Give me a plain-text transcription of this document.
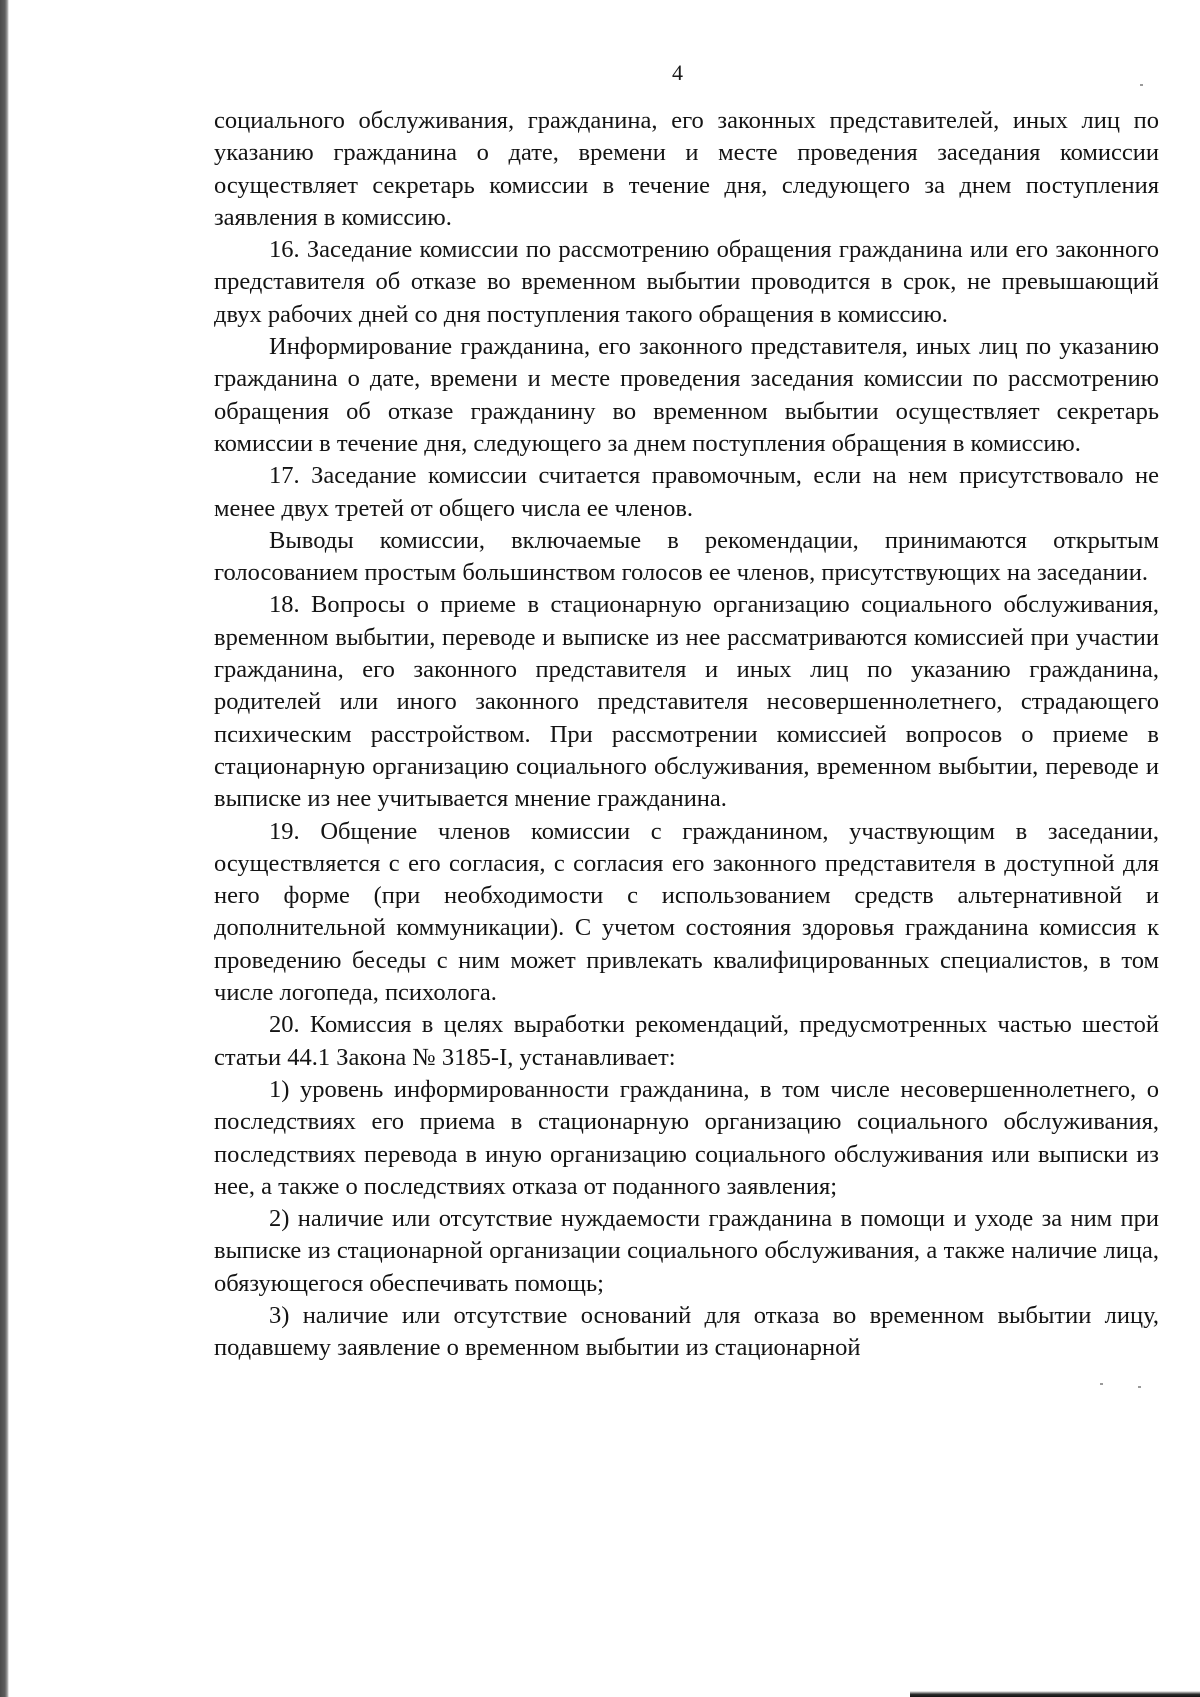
4

социального обслуживания, гражданина, его законных представителей, иных лиц по указанию гражданина о дате, времени и месте проведения заседания комиссии осуществляет секретарь комиссии в течение дня, следующего за днем поступления заявления в комиссию.

16. Заседание комиссии по рассмотрению обращения гражданина или его законного представителя об отказе во временном выбытии проводится в срок, не превышающий двух рабочих дней со дня поступления такого обращения в комиссию.

Информирование гражданина, его законного представителя, иных лиц по указанию гражданина о дате, времени и месте проведения заседания комиссии по рассмотрению обращения об отказе гражданину во временном выбытии осуществляет секретарь комиссии в течение дня, следующего за днем поступления обращения в комиссию.

17. Заседание комиссии считается правомочным, если на нем присутствовало не менее двух третей от общего числа ее членов.

Выводы комиссии, включаемые в рекомендации, принимаются открытым голосованием простым большинством голосов ее членов, присутствующих на заседании.

18. Вопросы о приеме в стационарную организацию социального обслуживания, временном выбытии, переводе и выписке из нее рассматриваются комиссией при участии гражданина, его законного представителя и иных лиц по указанию гражданина, родителей или иного законного представителя несовершеннолетнего, страдающего психическим расстройством. При рассмотрении комиссией вопросов о приеме в стационарную организацию социального обслуживания, временном выбытии, переводе и выписке из нее учитывается мнение гражданина.

19. Общение членов комиссии с гражданином, участвующим в заседании, осуществляется с его согласия, с согласия его законного представителя в доступной для него форме (при необходимости с использованием средств альтернативной и дополнительной коммуникации). С учетом состояния здоровья гражданина комиссия к проведению беседы с ним может привлекать квалифицированных специалистов, в том числе логопеда, психолога.

20. Комиссия в целях выработки рекомендаций, предусмотренных частью шестой статьи 44.1 Закона № 3185-I, устанавливает:

1) уровень информированности гражданина, в том числе несовершеннолетнего, о последствиях его приема в стационарную организацию социального обслуживания, последствиях перевода в иную организацию социального обслуживания или выписки из нее, а также о последствиях отказа от поданного заявления;

2) наличие или отсутствие нуждаемости гражданина в помощи и уходе за ним при выписке из стационарной организации социального обслуживания, а также наличие лица, обязующегося обеспечивать помощь;

3) наличие или отсутствие оснований для отказа во временном выбытии лицу, подавшему заявление о временном выбытии из стационарной
